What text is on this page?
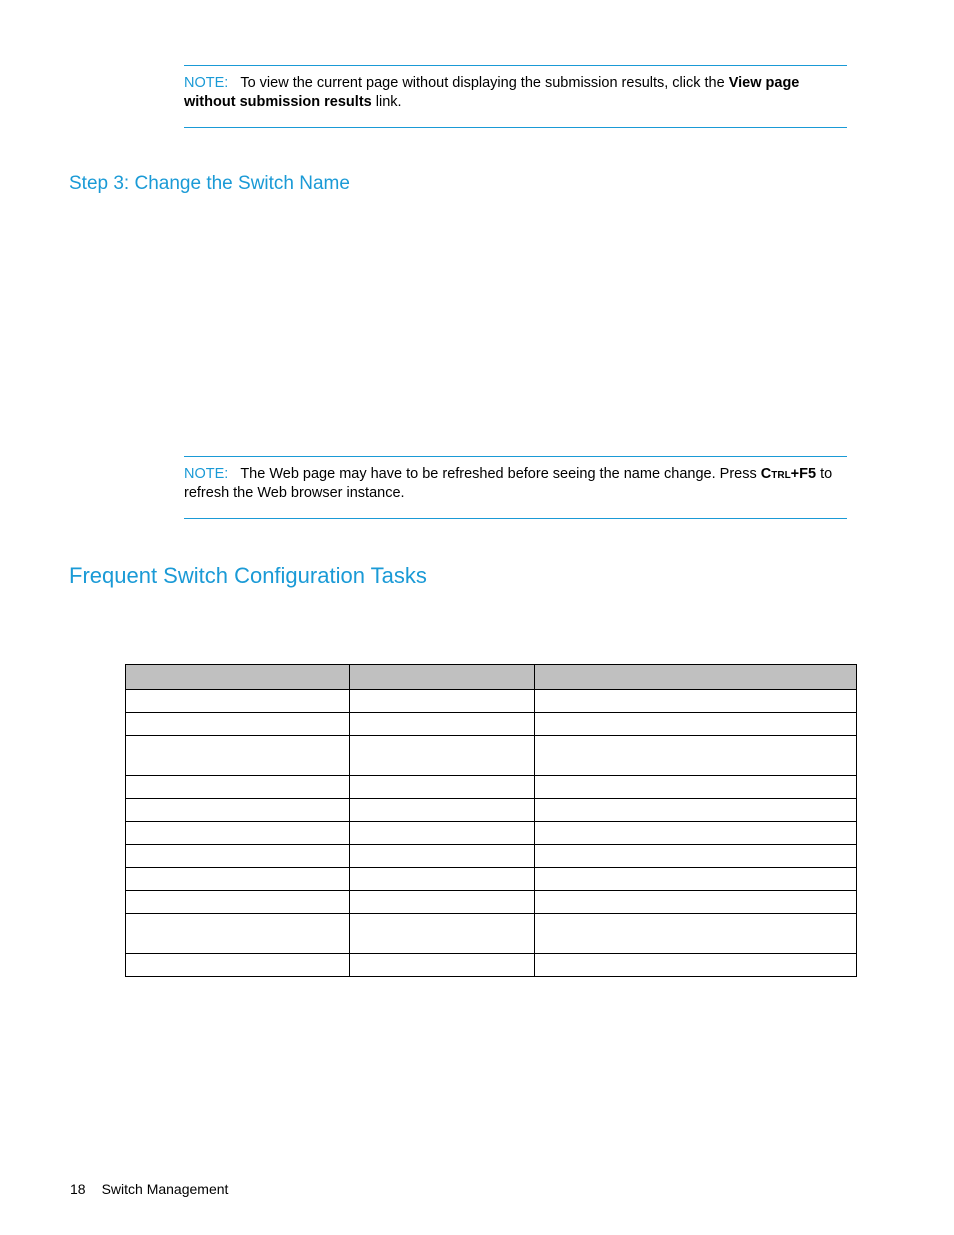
NOTE: To view the current page without displaying the submission results, click the View page without submission results link.
Step 3: Change the Switch Name
NOTE: The Web page may have to be refreshed before seeing the name change. Press Ctrl+F5 to refresh the Web browser instance.
Frequent Switch Configuration Tasks

18 Switch Management
